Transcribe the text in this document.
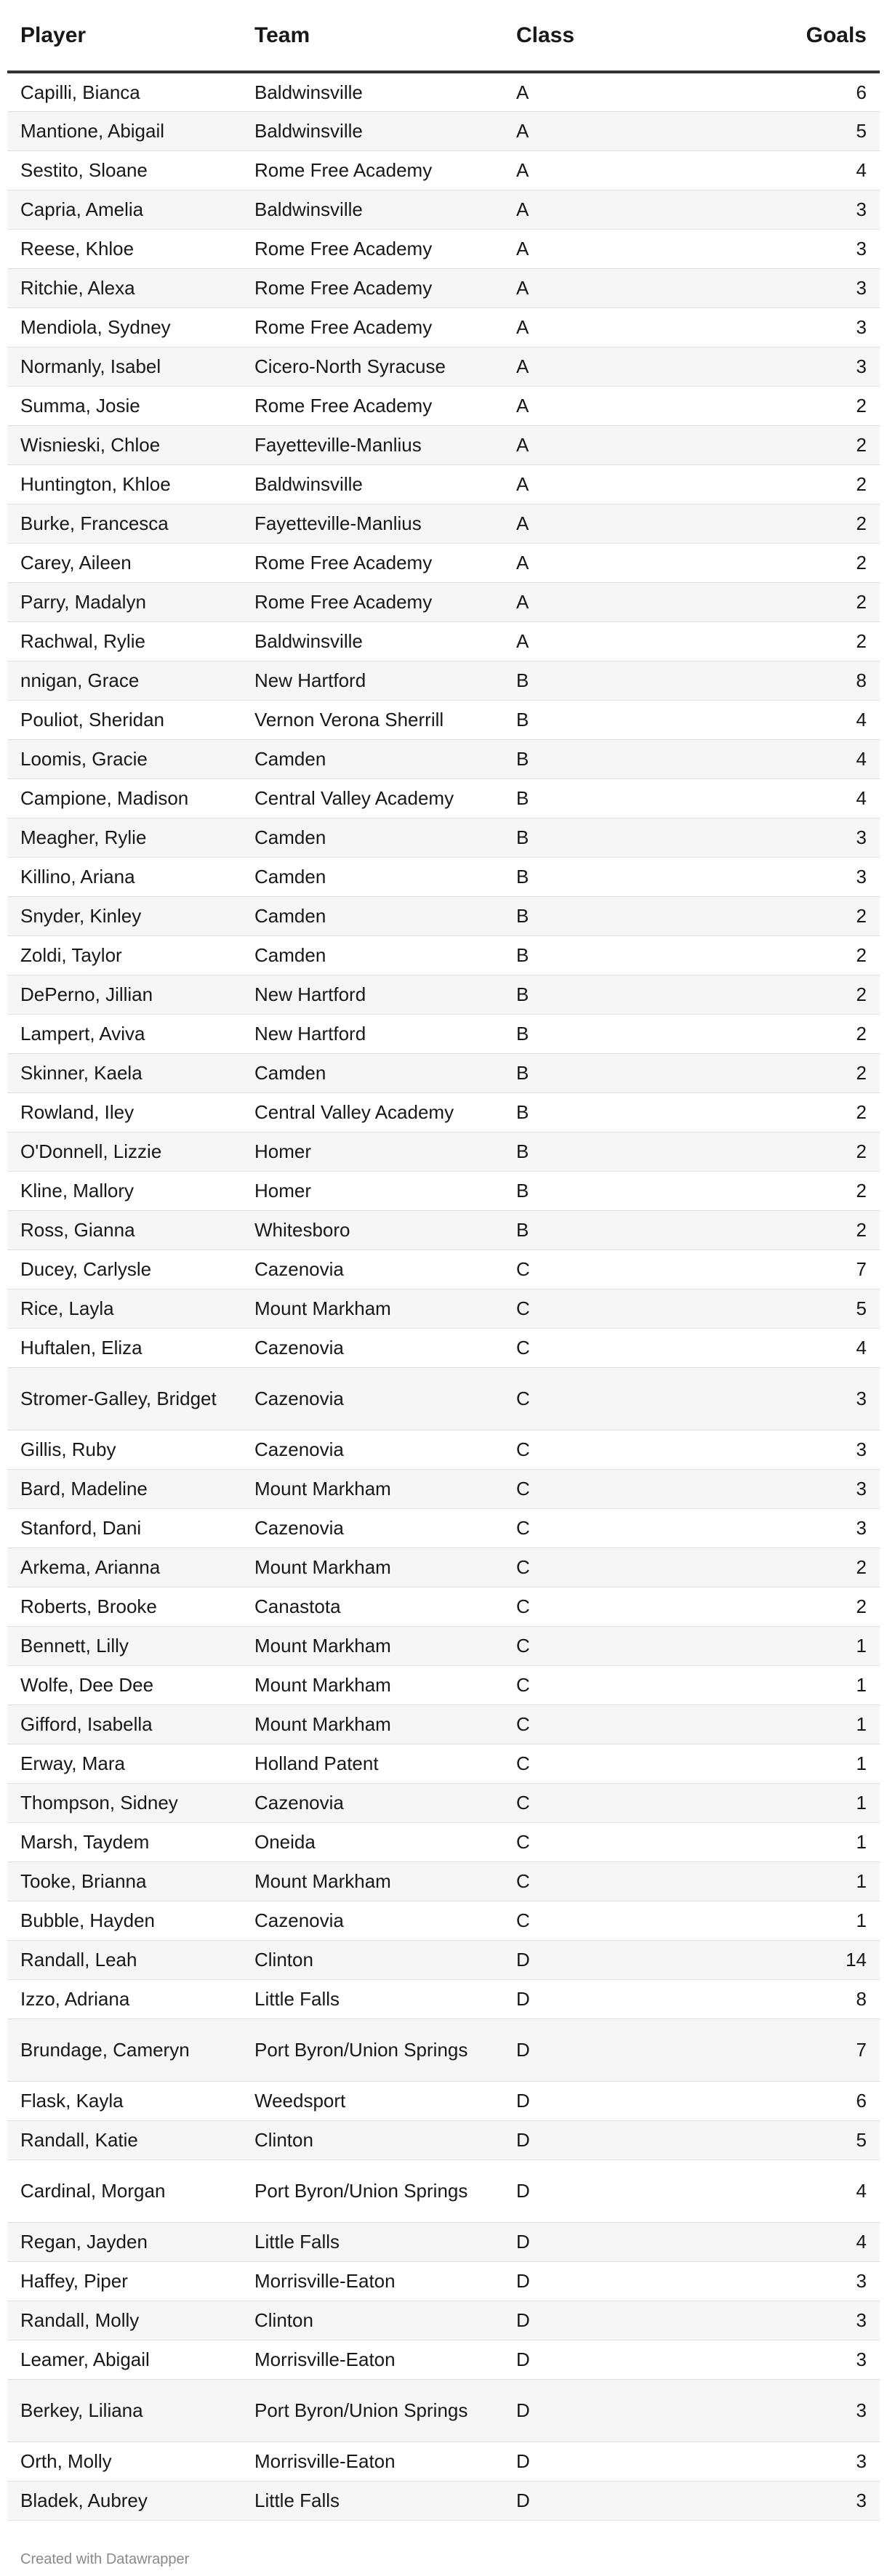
Player	Team	Class	Goals
Capilli, Bianca	Baldwinsville	A	6
Mantione, Abigail	Baldwinsville	A	5
Sestito, Sloane	Rome Free Academy	A	4
Capria, Amelia	Baldwinsville	A	3
Reese, Khloe	Rome Free Academy	A	3
Ritchie, Alexa	Rome Free Academy	A	3
Mendiola, Sydney	Rome Free Academy	A	3
Normanly, Isabel	Cicero-North Syracuse	A	3
Summa, Josie	Rome Free Academy	A	2
Wisnieski, Chloe	Fayetteville-Manlius	A	2
Huntington, Khloe	Baldwinsville	A	2
Burke, Francesca	Fayetteville-Manlius	A	2
Carey, Aileen	Rome Free Academy	A	2
Parry, Madalyn	Rome Free Academy	A	2
Rachwal, Rylie	Baldwinsville	A	2
nnigan, Grace	New Hartford	B	8
Pouliot, Sheridan	Vernon Verona Sherrill	B	4
Loomis, Gracie	Camden	B	4
Campione, Madison	Central Valley Academy	B	4
Meagher, Rylie	Camden	B	3
Killino, Ariana	Camden	B	3
Snyder, Kinley	Camden	B	2
Zoldi, Taylor	Camden	B	2
DePerno, Jillian	New Hartford	B	2
Lampert, Aviva	New Hartford	B	2
Skinner, Kaela	Camden	B	2
Rowland, Iley	Central Valley Academy	B	2
O'Donnell, Lizzie	Homer	B	2
Kline, Mallory	Homer	B	2
Ross, Gianna	Whitesboro	B	2
Ducey, Carlysle	Cazenovia	C	7
Rice, Layla	Mount Markham	C	5
Huftalen, Eliza	Cazenovia	C	4
Stromer-Galley, Bridget	Cazenovia	C	3
Gillis, Ruby	Cazenovia	C	3
Bard, Madeline	Mount Markham	C	3
Stanford, Dani	Cazenovia	C	3
Arkema, Arianna	Mount Markham	C	2
Roberts, Brooke	Canastota	C	2
Bennett, Lilly	Mount Markham	C	1
Wolfe, Dee Dee	Mount Markham	C	1
Gifford, Isabella	Mount Markham	C	1
Erway, Mara	Holland Patent	C	1
Thompson, Sidney	Cazenovia	C	1
Marsh, Taydem	Oneida	C	1
Tooke, Brianna	Mount Markham	C	1
Bubble, Hayden	Cazenovia	C	1
Randall, Leah	Clinton	D	14
Izzo, Adriana	Little Falls	D	8
Brundage, Cameryn	Port Byron/Union Springs	D	7
Flask, Kayla	Weedsport	D	6
Randall, Katie	Clinton	D	5
Cardinal, Morgan	Port Byron/Union Springs	D	4
Regan, Jayden	Little Falls	D	4
Haffey, Piper	Morrisville-Eaton	D	3
Randall, Molly	Clinton	D	3
Leamer, Abigail	Morrisville-Eaton	D	3
Berkey, Liliana	Port Byron/Union Springs	D	3
Orth, Molly	Morrisville-Eaton	D	3
Bladek, Aubrey	Little Falls	D	3
Created with Datawrapper
